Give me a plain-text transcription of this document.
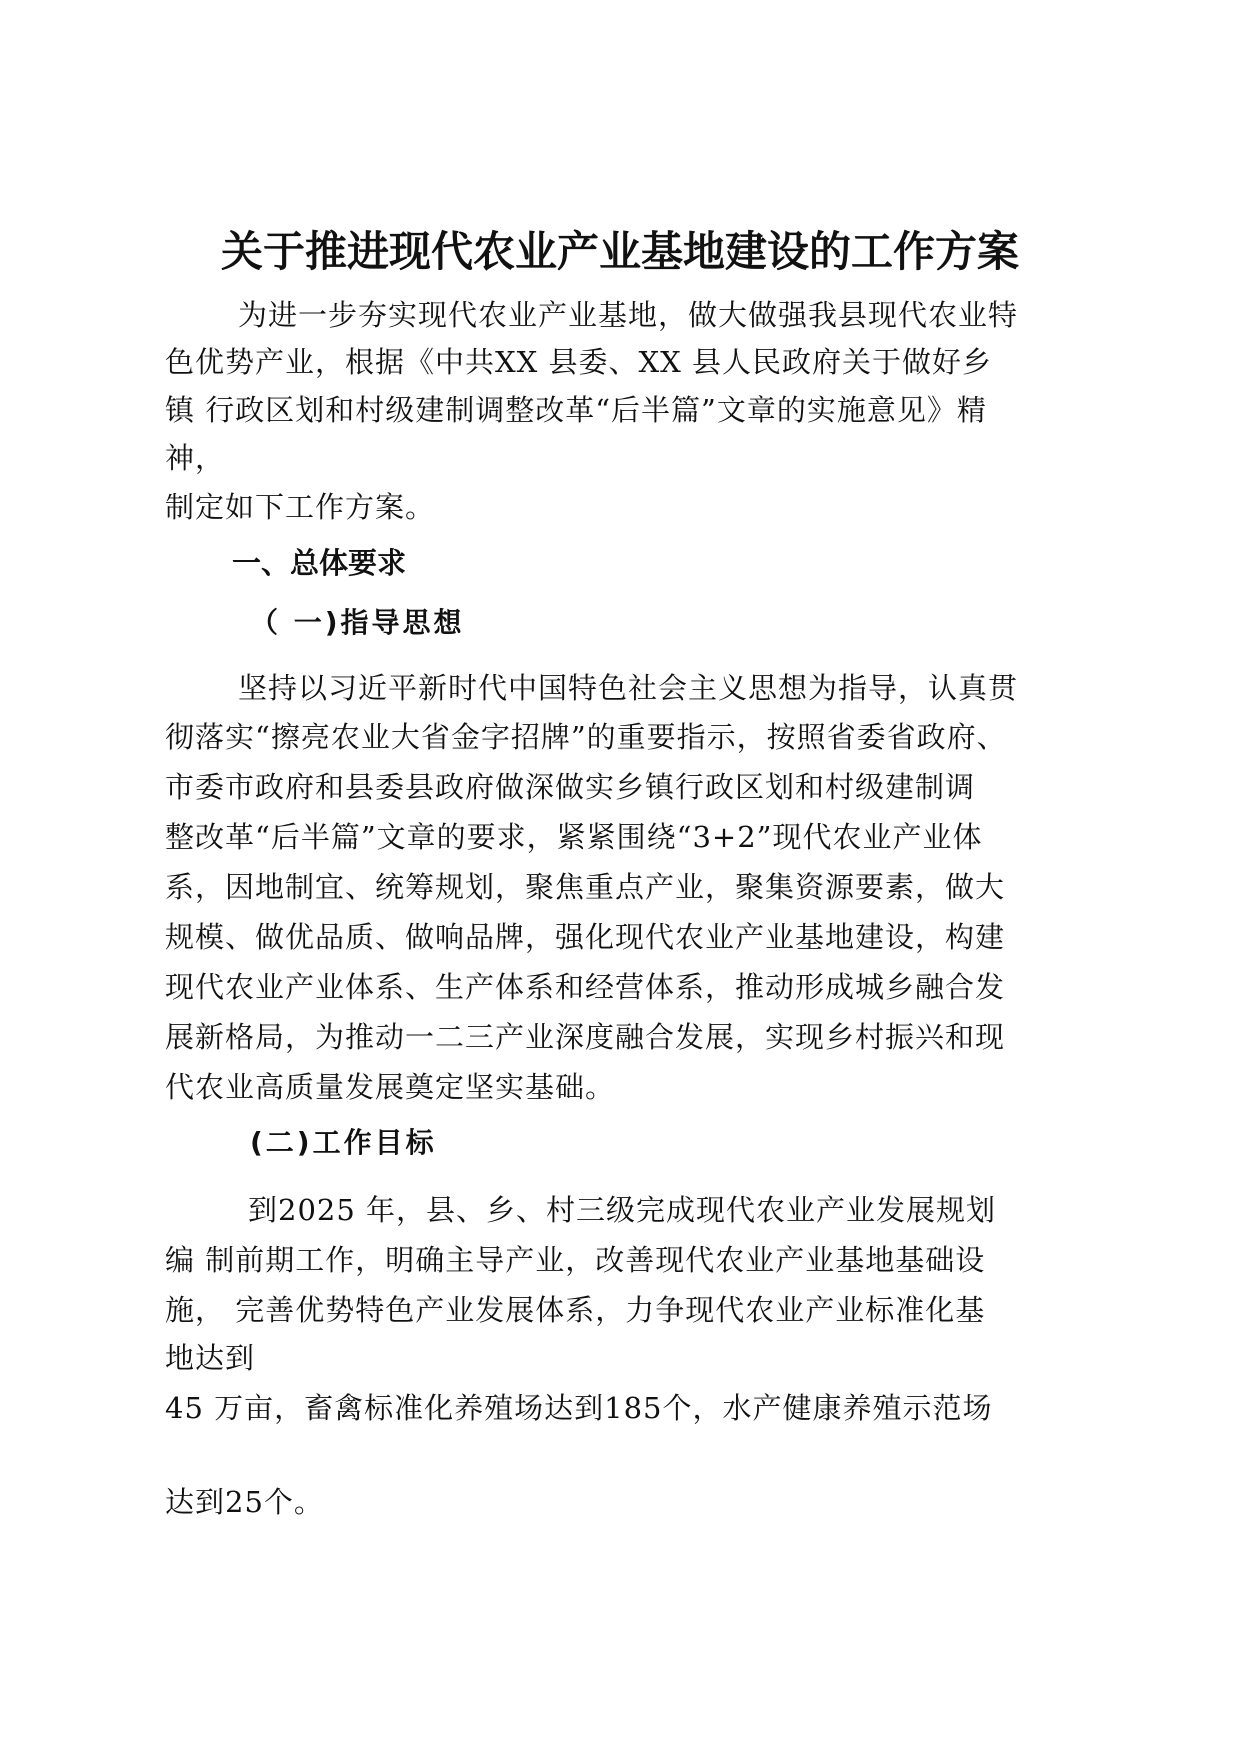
关于推进现代农业产业基地建设的工作方案
为进一步夯实现代农业产业基地，做大做强我县现代农业特
色优势产业，根据《中共XX 县委、XX 县人民政府关于做好乡
镇 行政区划和村级建制调整改革“后半篇”文章的实施意见》精
神，
制定如下工作方案。
一、总体要求
（ 一)指导思想
坚持以习近平新时代中国特色社会主义思想为指导，认真贯
彻落实“擦亮农业大省金字招牌”的重要指示，按照省委省政府、
市委市政府和县委县政府做深做实乡镇行政区划和村级建制调
整改革“后半篇”文章的要求，紧紧围绕“3+2”现代农业产业体
系，因地制宜、统筹规划，聚焦重点产业，聚集资源要素，做大
规模、做优品质、做响品牌，强化现代农业产业基地建设，构建
现代农业产业体系、生产体系和经营体系，推动形成城乡融合发
展新格局，为推动一二三产业深度融合发展，实现乡村振兴和现
代农业高质量发展奠定坚实基础。
(二)工作目标
到2025 年，县、乡、村三级完成现代农业产业发展规划
编 制前期工作，明确主导产业，改善现代农业产业基地基础设
施， 完善优势特色产业发展体系，力争现代农业产业标准化基
地达到
45 万亩，畜禽标准化养殖场达到185个，水产健康养殖示范场
达到25个。
